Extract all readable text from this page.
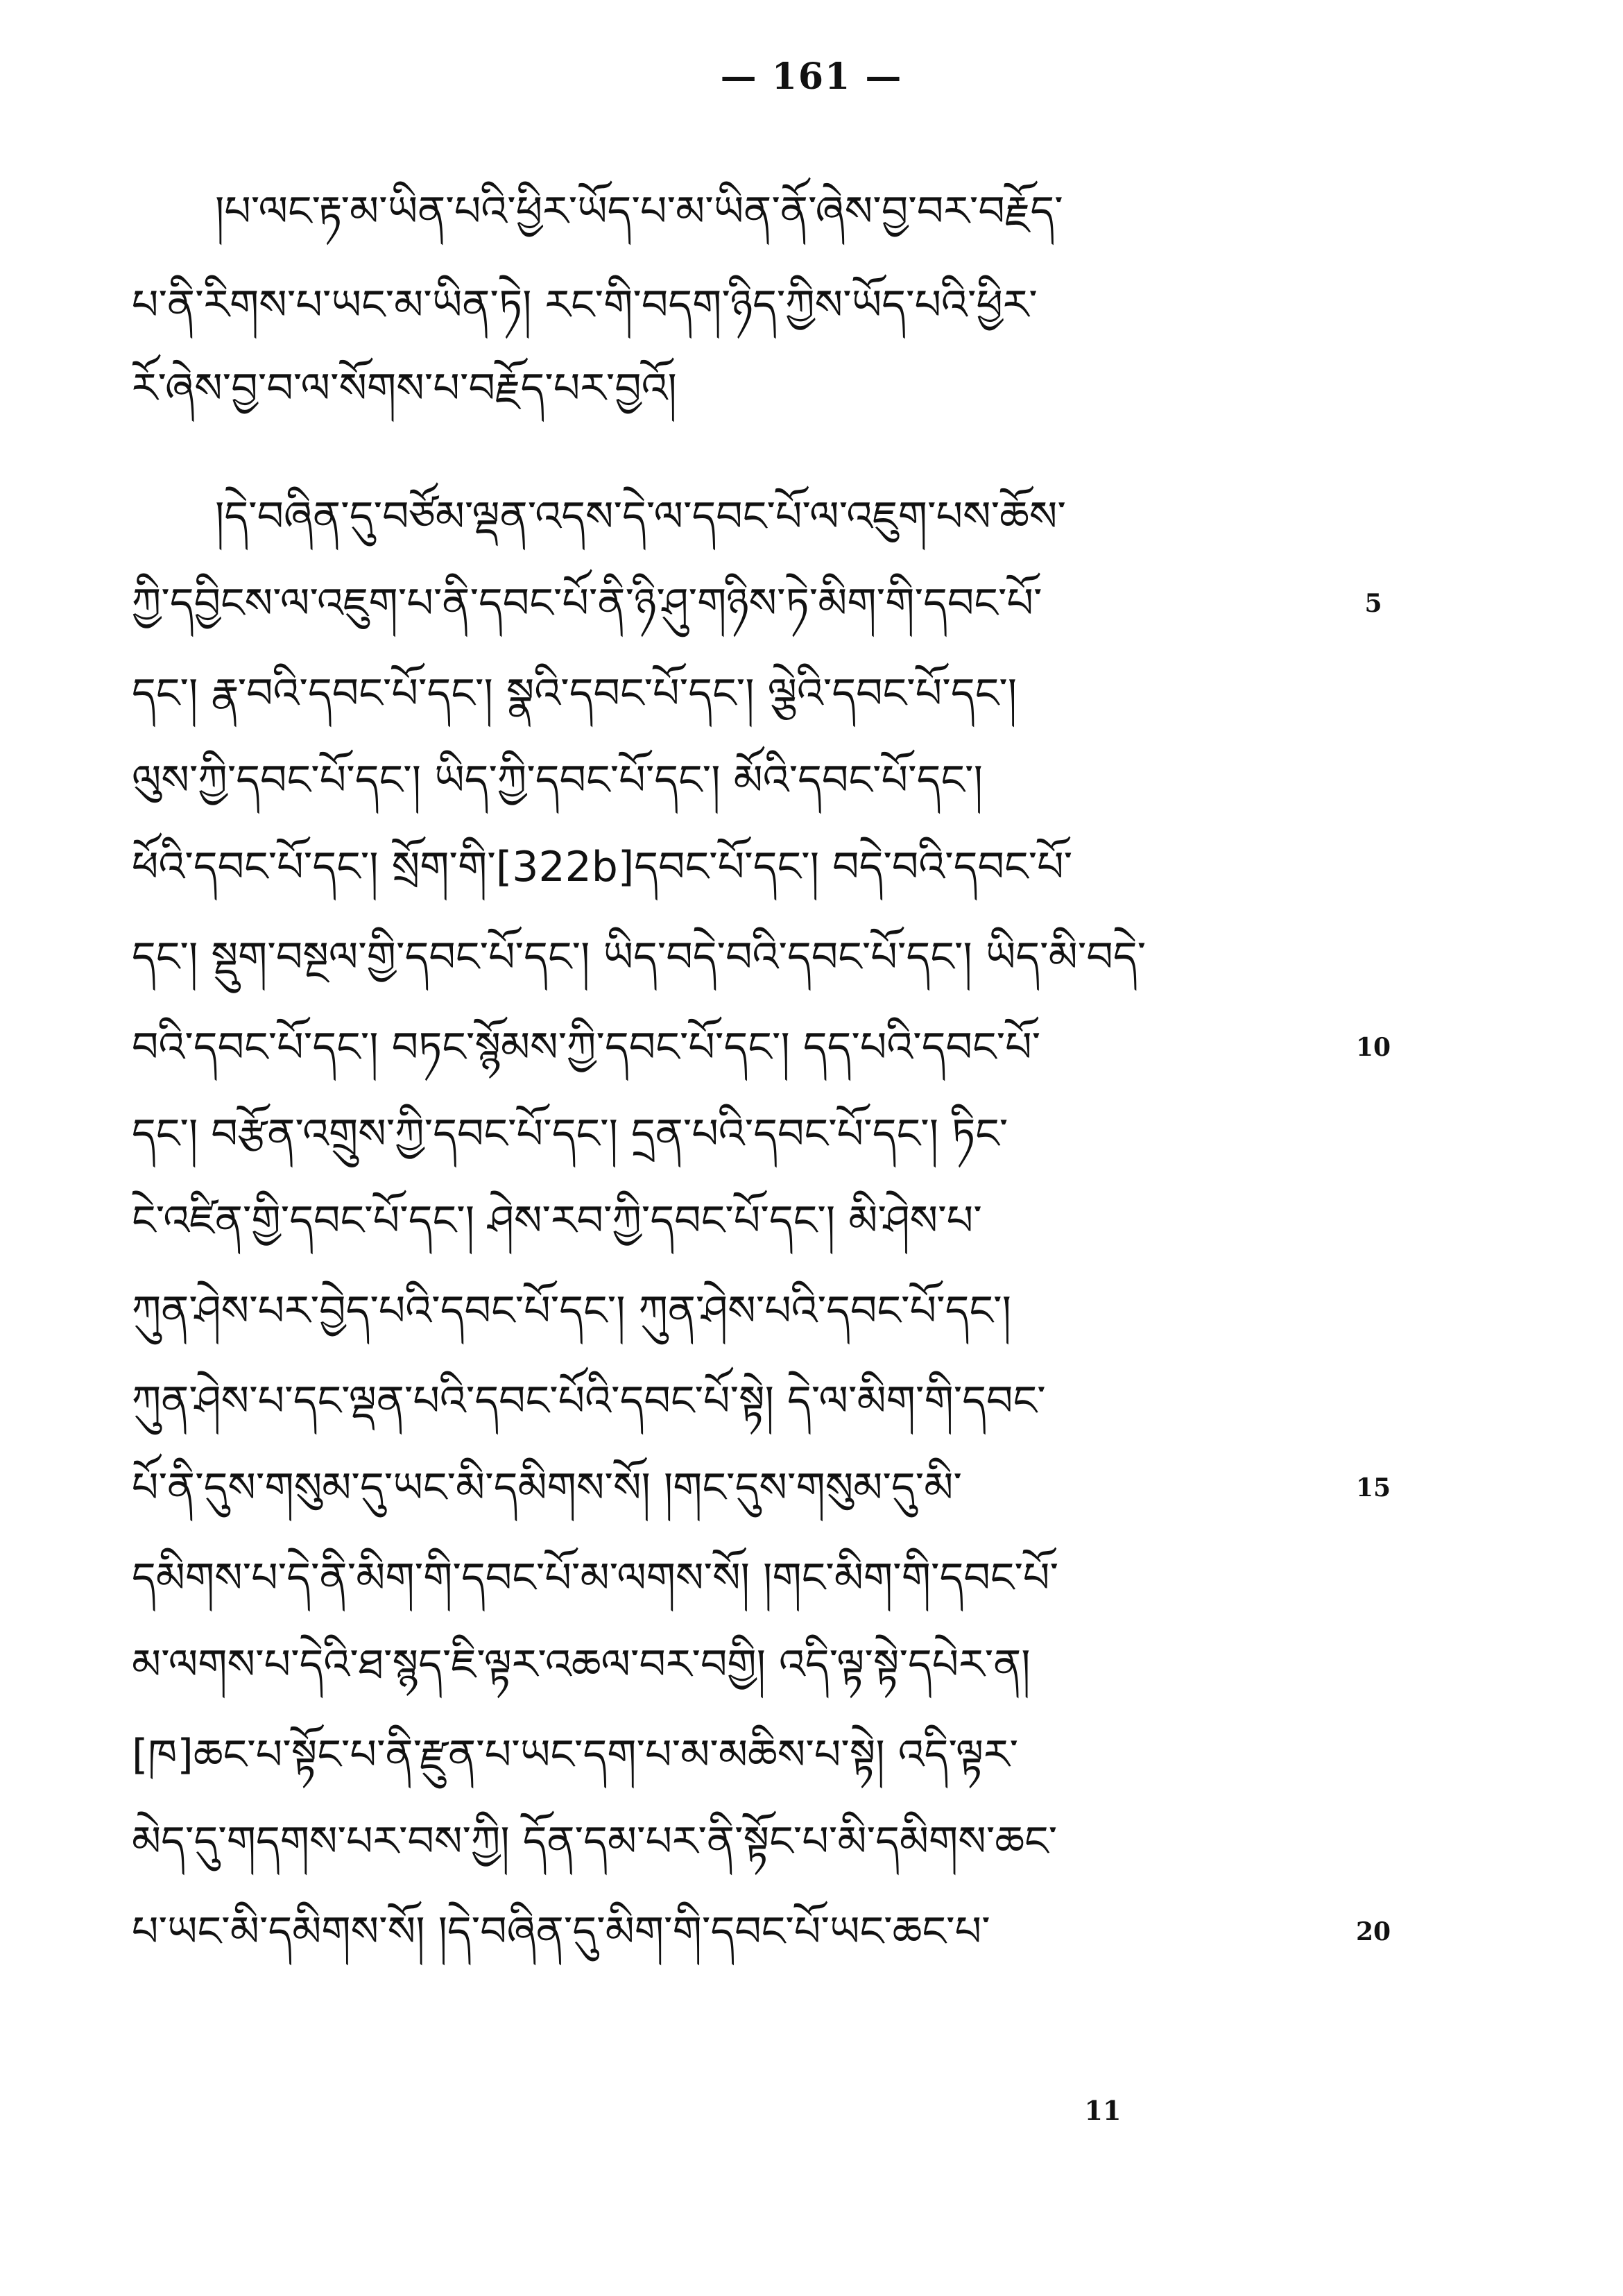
— 161 —
།པ་ལང་རྟ་མ་ཡིན་པའི་ཕྱིར་ཡོད་པ་མ་ཡིན་ནོ་ཞེས་བྱ་བར་བརྗོད་
པ་ནི་རིགས་པ་ཡང་མ་ཡིན་ཏེ། རང་གི་བདག་ཉིད་ཀྱིས་ཡོད་པའི་ཕྱིར་
རོ་ཞེས་བྱ་བ་ལ་སོགས་པ་བརྗོད་པར་བྱའོ།
།དེ་བཞིན་དུ་བཙོམ་ལྡན་འདས་དེ་ལ་དབང་པོ་ལ་འཇུག་པས་ཆོས་
ཀྱི་དབྱིངས་ལ་འཇུག་པ་ནི་དབང་པོ་ནི་ཉི་ཤུ་གཉིས་ཏེ་མིག་གི་དབང་པོ་	5
དང་། རྣ་བའི་དབང་པོ་དང་། སྣའི་དབང་པོ་དང་། ལྕེའི་དབང་པོ་དང་།
ལུས་ཀྱི་དབང་པོ་དང་། ཡིད་ཀྱི་དབང་པོ་དང་། མོའི་དབང་པོ་དང་།
ཕོའི་དབང་པོ་དང་། སྲོག་གི་[322b]དབང་པོ་དང་། བདེ་བའི་དབང་པོ་
དང་། སྡུག་བསྔལ་གྱི་དབང་པོ་དང་། ཡིད་བདེ་བའི་དབང་པོ་དང་། ཡིད་མི་བདེ་
བའི་དབང་པོ་དང་། བཏང་སྙོམས་ཀྱི་དབང་པོ་དང་། དད་པའི་དབང་པོ་	10
དང་། བརྩོན་འགྲུས་ཀྱི་དབང་པོ་དང་། དྲན་པའི་དབང་པོ་དང་། ཏིང་
ངེ་འཛིན་གྱི་དབང་པོ་དང་། ཤེས་རབ་ཀྱི་དབང་པོ་དང་། མི་ཤེས་པ་
ཀུན་ཤེས་པར་བྱེད་པའི་དབང་པོ་དང་། ཀུན་ཤེས་པའི་དབང་པོ་དང་།
ཀུན་ཤེས་པ་དང་ལྡན་པའི་དབང་པོའི་དབང་པོ་སྟེ། དེ་ལ་མིག་གི་དབང་
པོ་ནི་དུས་གསུམ་དུ་ཡང་མི་དམིགས་སོ། །གང་དུས་གསུམ་དུ་མི་	15
དམིགས་པ་དེ་ནི་མིག་གི་དབང་པོ་མ་ལགས་སོ། །གང་མིག་གི་དབང་པོ་
མ་ལགས་པ་དེའི་ཐ་སྙད་ཇི་ལྟར་འཆལ་བར་བགྱི། འདི་ལྟ་སྟེ་དཔེར་ན།
[ཁ]ཆང་པ་སྟོང་པ་ནི་རྫུན་པ་ཡང་དག་པ་མ་མཆིས་པ་སྟེ། འདི་ལྟར་
མེད་དུ་གདགས་པར་བས་ཀྱི། དོན་དམ་པར་ནི་སྟོང་པ་མི་དམིགས་ཆང་
པ་ཡང་མི་དམིགས་སོ། །དེ་བཞིན་དུ་མིག་གི་དབང་པོ་ཡང་ཆང་པ་	20
11
